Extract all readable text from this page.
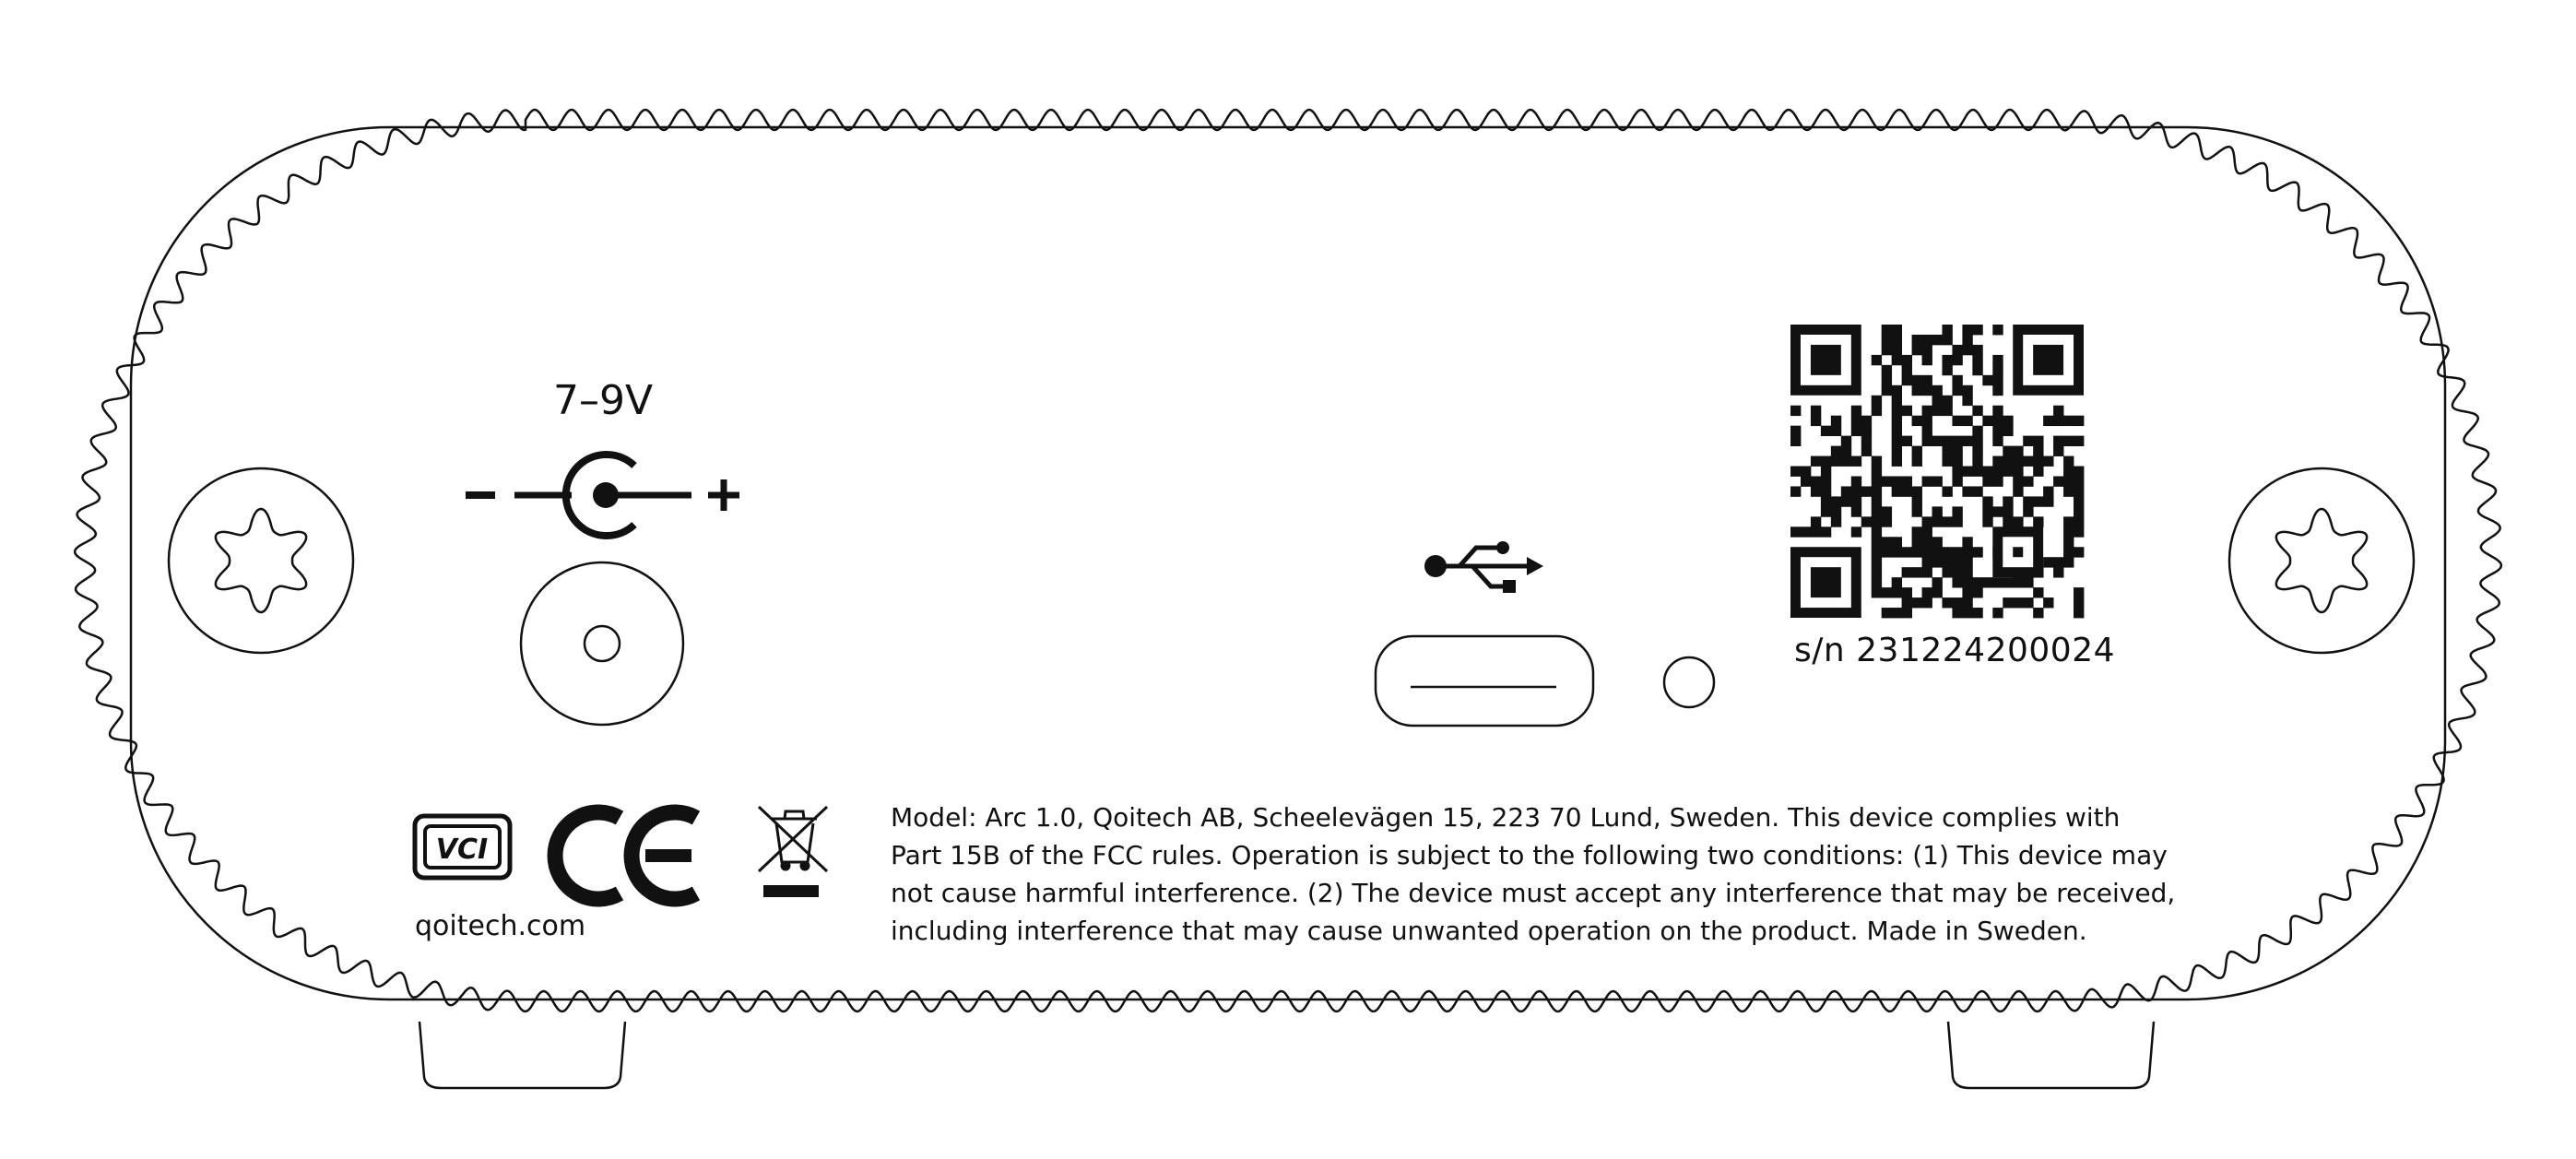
VCI
7–9V
s/n 231224200024
qoitech.com
Model: Arc 1.0, Qoitech AB, Scheelevägen 15, 223 70 Lund, Sweden. This device complies with
Part 15B of the FCC rules. Operation is subject to the following two conditions: (1) This device may
not cause harmful interference. (2) The device must accept any interference that may be received,
including interference that may cause unwanted operation on the product. Made in Sweden.
